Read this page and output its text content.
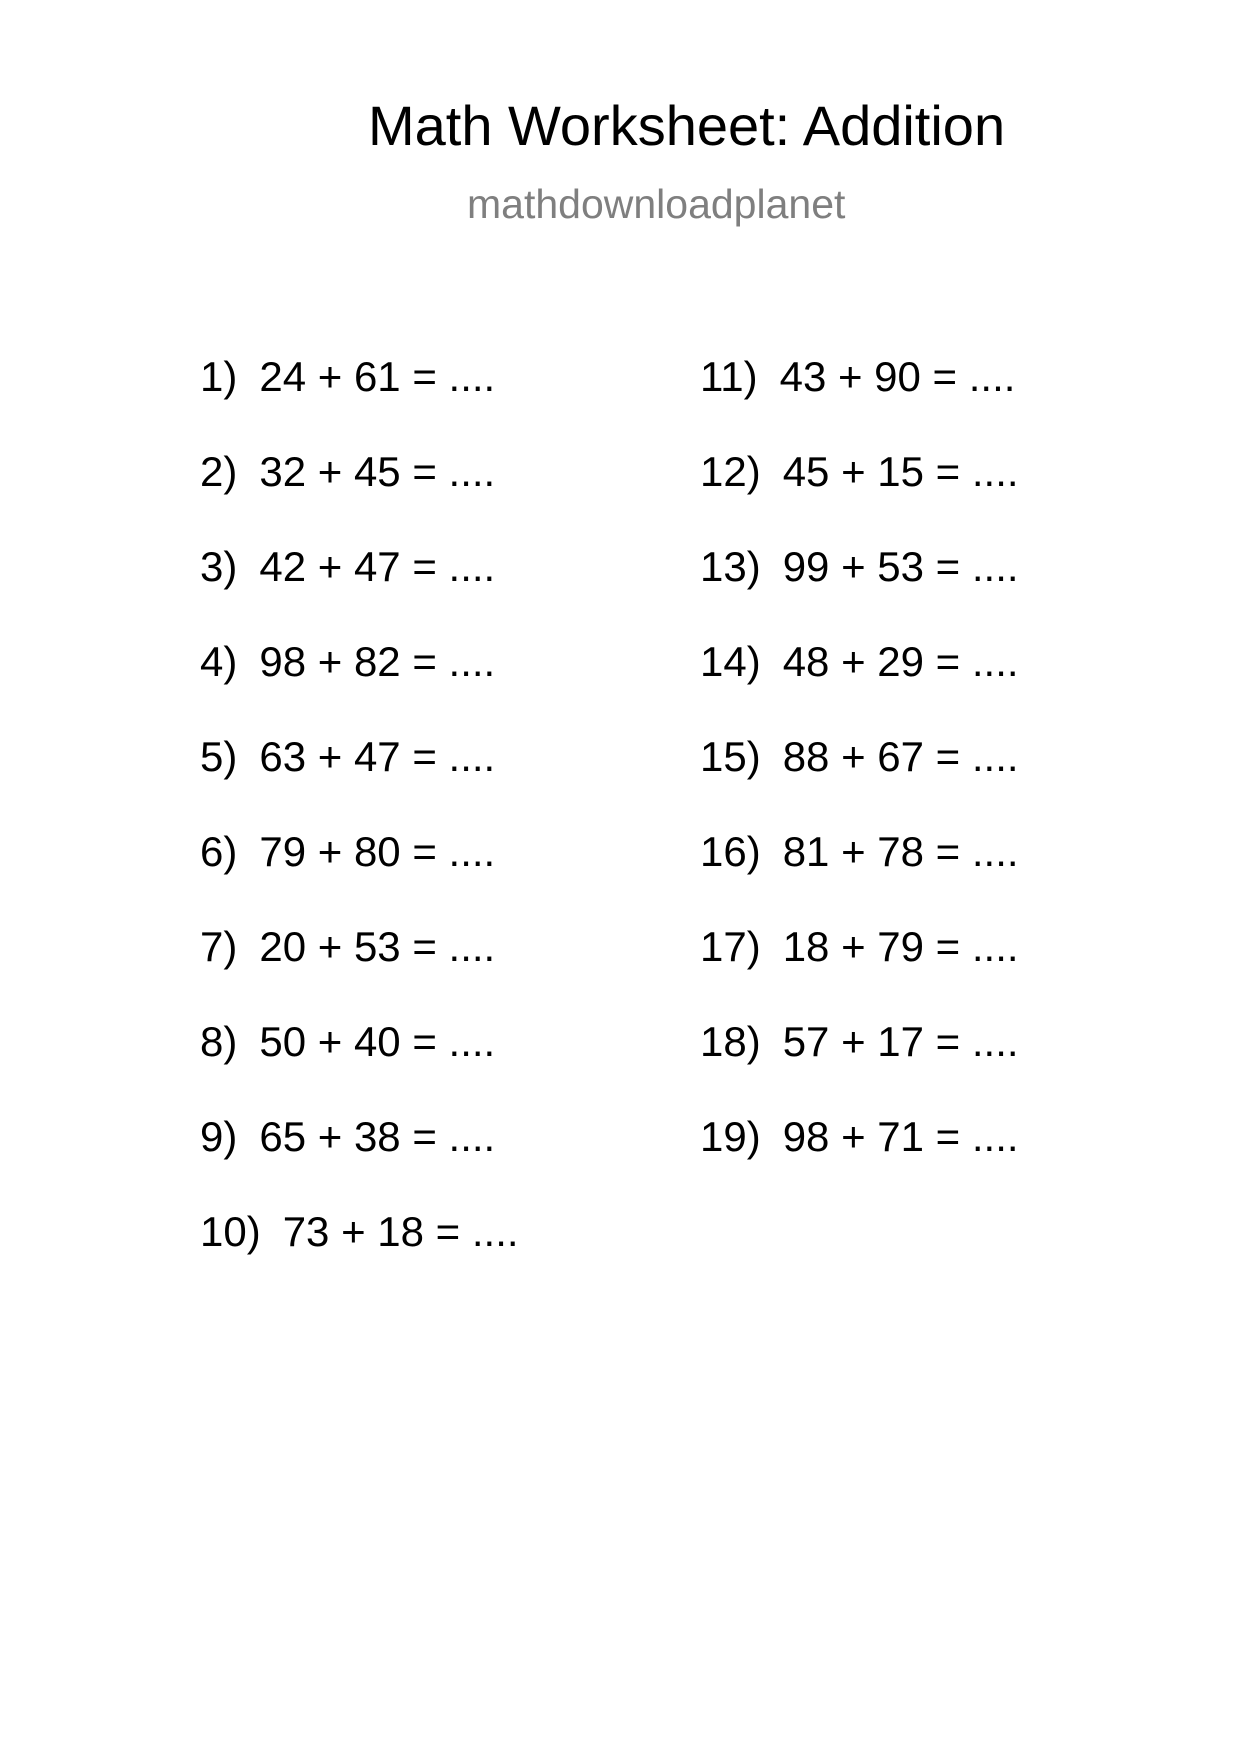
Math Worksheet: Addition
mathdownloadplanet
1) 24 + 61 = ....
2) 32 + 45 = ....
3) 42 + 47 = ....
4) 98 + 82 = ....
5) 63 + 47 = ....
6) 79 + 80 = ....
7) 20 + 53 = ....
8) 50 + 40 = ....
9) 65 + 38 = ....
10) 73 + 18 = ....
11) 43 + 90 = ....
12) 45 + 15 = ....
13) 99 + 53 = ....
14) 48 + 29 = ....
15) 88 + 67 = ....
16) 81 + 78 = ....
17) 18 + 79 = ....
18) 57 + 17 = ....
19) 98 + 71 = ....
